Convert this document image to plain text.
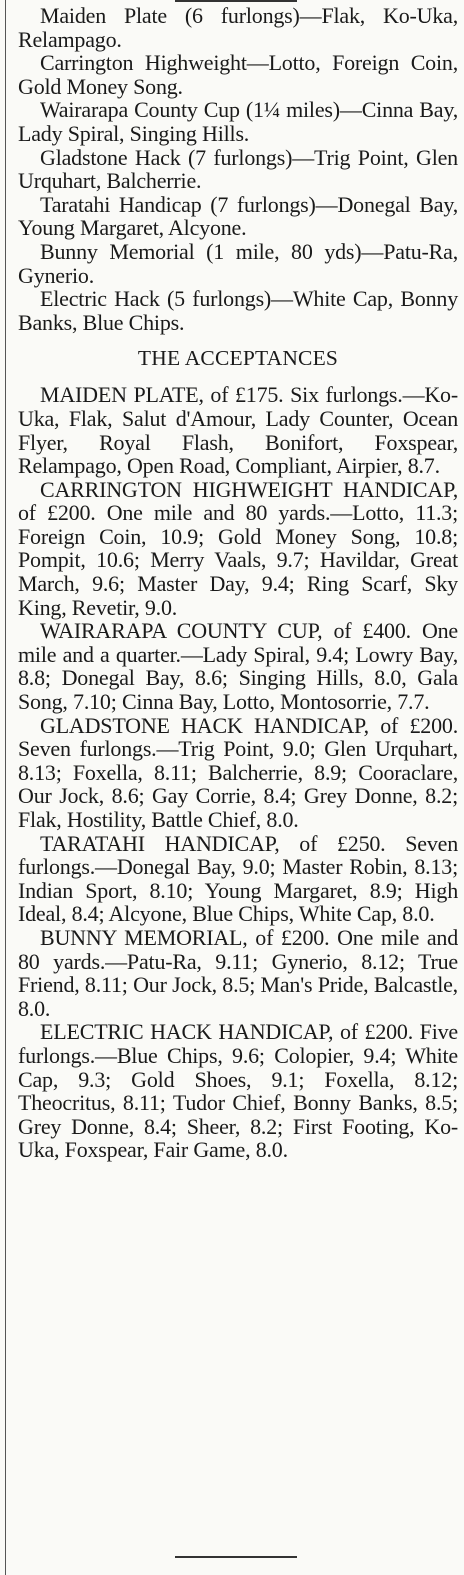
Maiden Plate (6 furlongs)—Flak, Ko-Uka, Relampago.

Carrington Highweight—Lotto, Foreign Coin, Gold Money Song.

Wairarapa County Cup (1¼ miles)—Cinna Bay, Lady Spiral, Singing Hills.

Gladstone Hack (7 furlongs)—Trig Point, Glen Urquhart, Balcherrie.

Taratahi Handicap (7 furlongs)—Donegal Bay, Young Margaret, Alcyone.

Bunny Memorial (1 mile, 80 yds)—Patu-Ra, Gynerio.

Electric Hack (5 furlongs)—White Cap, Bonny Banks, Blue Chips.

THE ACCEPTANCES

MAIDEN PLATE, of £175. Six furlongs.—Ko-Uka, Flak, Salut d'Amour, Lady Counter, Ocean Flyer, Royal Flash, Bonifort, Foxspear, Relampago, Open Road, Compliant, Airpier, 8.7.

CARRINGTON HIGHWEIGHT HANDICAP, of £200. One mile and 80 yards.—Lotto, 11.3; Foreign Coin, 10.9; Gold Money Song, 10.8; Pompit, 10.6; Merry Vaals, 9.7; Havildar, Great March, 9.6; Master Day, 9.4; Ring Scarf, Sky King, Revetir, 9.0.

WAIRARAPA COUNTY CUP, of £400. One mile and a quarter.—Lady Spiral, 9.4; Lowry Bay, 8.8; Donegal Bay, 8.6; Singing Hills, 8.0, Gala Song, 7.10; Cinna Bay, Lotto, Montosorrie, 7.7.

GLADSTONE HACK HANDICAP, of £200. Seven furlongs.—Trig Point, 9.0; Glen Urquhart, 8.13; Foxella, 8.11; Balcherrie, 8.9; Cooraclare, Our Jock, 8.6; Gay Corrie, 8.4; Grey Donne, 8.2; Flak, Hostility, Battle Chief, 8.0.

TARATAHI HANDICAP, of £250. Seven furlongs.—Donegal Bay, 9.0; Master Robin, 8.13; Indian Sport, 8.10; Young Margaret, 8.9; High Ideal, 8.4; Alcyone, Blue Chips, White Cap, 8.0.

BUNNY MEMORIAL, of £200. One mile and 80 yards.—Patu-Ra, 9.11; Gynerio, 8.12; True Friend, 8.11; Our Jock, 8.5; Man's Pride, Balcastle, 8.0.

ELECTRIC HACK HANDICAP, of £200. Five furlongs.—Blue Chips, 9.6; Colopier, 9.4; White Cap, 9.3; Gold Shoes, 9.1; Foxella, 8.12; Theocritus, 8.11; Tudor Chief, Bonny Banks, 8.5; Grey Donne, 8.4; Sheer, 8.2; First Footing, Ko-Uka, Foxspear, Fair Game, 8.0.
